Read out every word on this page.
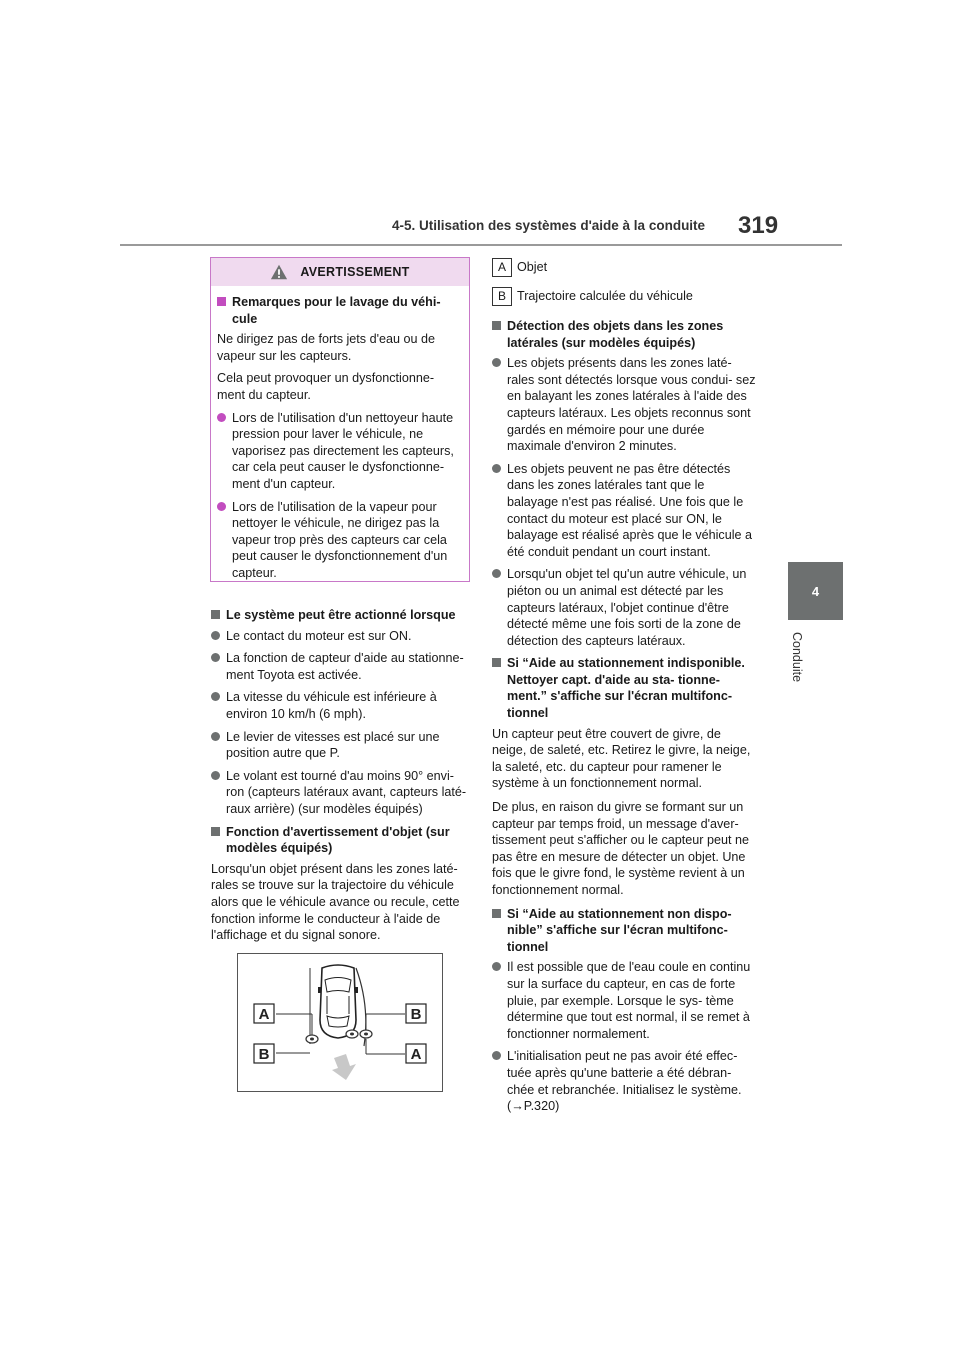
4-5. Utilisation des systèmes d'aide à la conduite 319
4
Conduite
AVERTISSEMENT
Remarques pour le lavage du véhi- cule

Ne dirigez pas de forts jets d'eau ou de vapeur sur les capteurs.

Cela peut provoquer un dysfonctionne- ment du capteur.

Lors de l'utilisation d'un nettoyeur haute pression pour laver le véhicule, ne vaporisez pas directement les capteurs, car cela peut causer le dysfonctionne- ment d'un capteur.
Lors de l'utilisation de la vapeur pour nettoyer le véhicule, ne dirigez pas la vapeur trop près des capteurs car cela peut causer le dysfonctionnement d'un capteur.
Le système peut être actionné lorsque
Le contact du moteur est sur ON.
La fonction de capteur d'aide au stationne- ment Toyota est activée.
La vitesse du véhicule est inférieure à environ 10 km/h (6 mph).
Le levier de vitesses est placé sur une position autre que P.
Le volant est tourné d'au moins 90° envi- ron (capteurs latéraux avant, capteurs laté- raux arrière) (sur modèles équipés)
Fonction d'avertissement d'objet (sur modèles équipés)

Lorsqu'un objet présent dans les zones laté- rales se trouve sur la trajectoire du véhicule alors que le véhicule avance ou recule, cette fonction informe le conducteur à l'aide de l'affichage et du signal sonore.

A
B
B
A
A Objet
B Trajectoire calculée du véhicule
Détection des objets dans les zones latérales (sur modèles équipés)
Les objets présents dans les zones laté- rales sont détectés lorsque vous condui- sez en balayant les zones latérales à l'aide des capteurs latéraux. Les objets reconnus sont gardés en mémoire pour une durée maximale d'environ 2 minutes.
Les objets peuvent ne pas être détectés dans les zones latérales tant que le balayage n'est pas réalisé. Une fois que le contact du moteur est placé sur ON, le balayage est réalisé après que le véhicule a été conduit pendant un court instant.
Lorsqu'un objet tel qu'un autre véhicule, un piéton ou un animal est détecté par les capteurs latéraux, l'objet continue d'être détecté même une fois sorti de la zone de détection des capteurs latéraux.
Si “Aide au stationnement indisponible. Nettoyer capt. d'aide au sta- tionne- ment.” s'affiche sur l'écran multifonc- tionnel

Un capteur peut être couvert de givre, de neige, de saleté, etc. Retirez le givre, la neige, la saleté, etc. du capteur pour ramener le système à un fonctionnement normal.

De plus, en raison du givre se formant sur un capteur par temps froid, un message d'aver- tissement peut s'afficher ou le capteur peut ne pas être en mesure de détecter un objet. Une fois que le givre fond, le système revient à un fonctionnement normal.

Si “Aide au stationnement non dispo- nible” s'affiche sur l'écran multifonc- tionnel
Il est possible que de l'eau coule en continu sur la surface du capteur, en cas de forte pluie, par exemple. Lorsque le sys- tème détermine que tout est normal, il se remet à fonctionner normalement.
L'initialisation peut ne pas avoir été effec- tuée après qu'une batterie a été débran- chée et rebranchée. Initialisez le système. (→P.320)
